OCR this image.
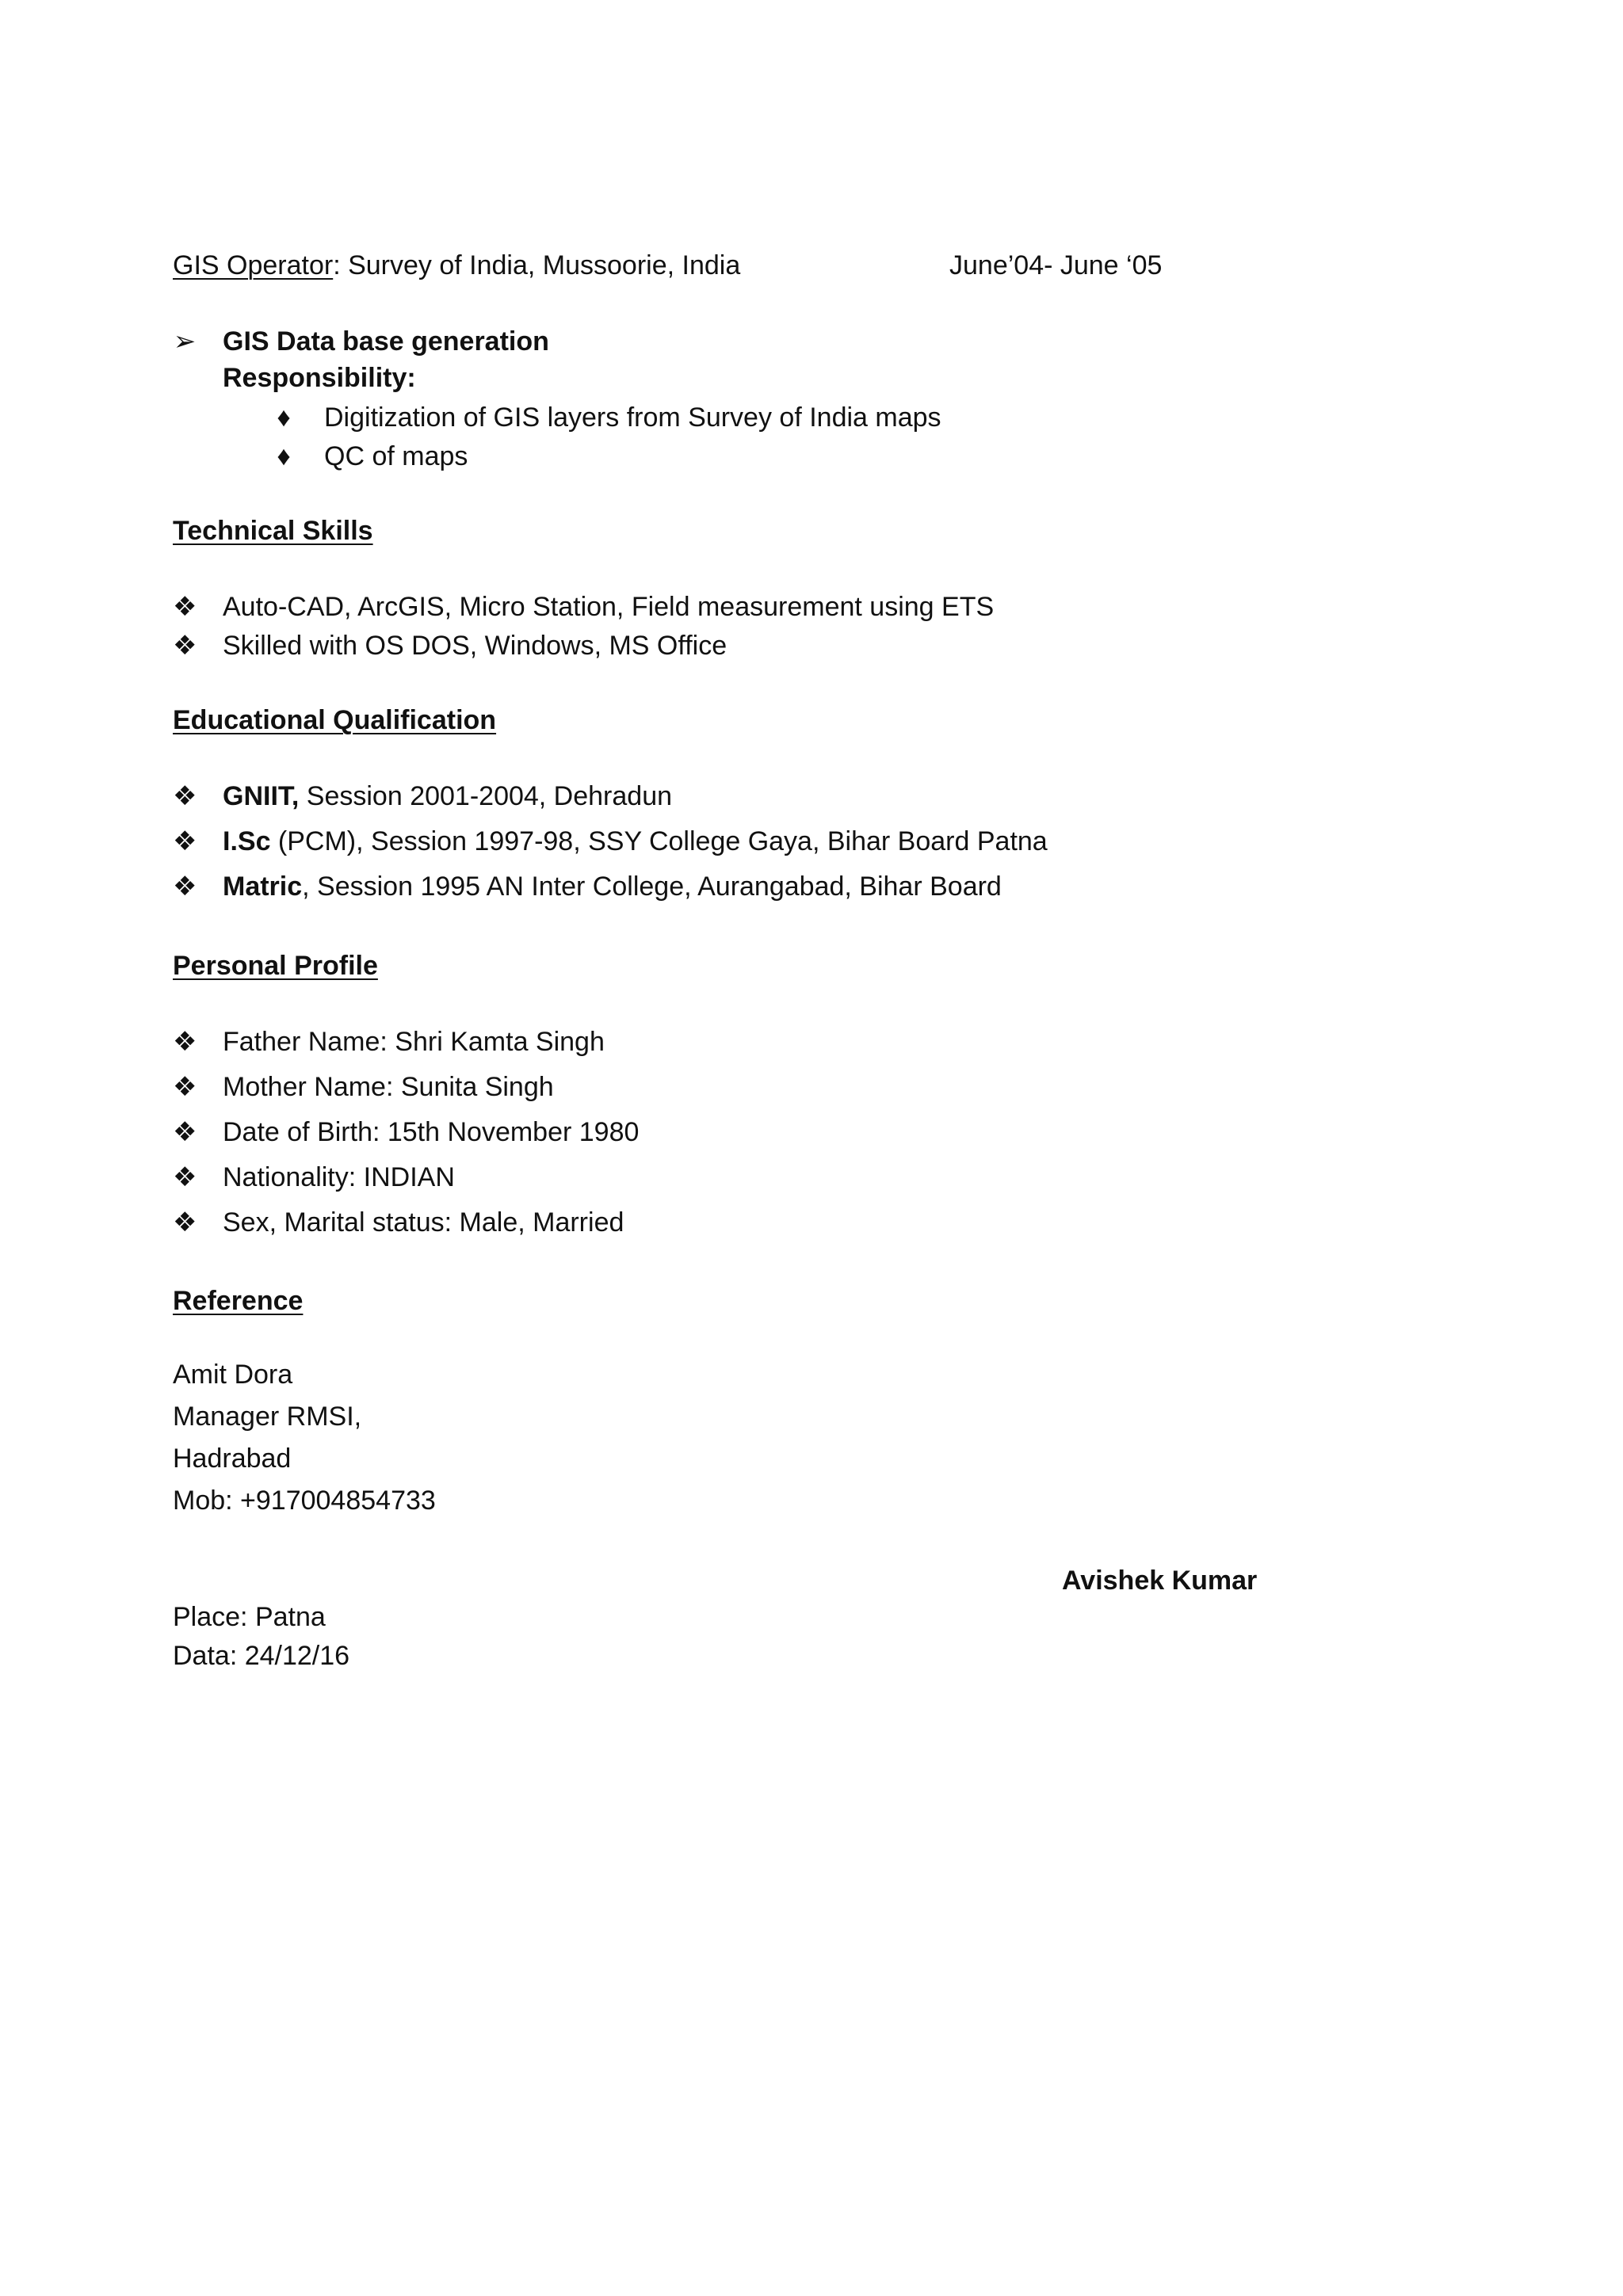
GIS Operator: Survey of India, Mussoorie, India	June’04- June ‘05
➢ GIS Data base generation
Responsibility:
♦ Digitization of GIS layers from Survey of India maps
♦ QC of maps
Technical Skills
❖ Auto-CAD, ArcGIS, Micro Station, Field measurement using ETS
❖ Skilled with OS DOS, Windows, MS Office
Educational Qualification
❖ GNIIT, Session 2001-2004, Dehradun
❖ I.Sc (PCM), Session 1997-98, SSY College Gaya, Bihar Board Patna
❖ Matric, Session 1995 AN Inter College, Aurangabad, Bihar Board
Personal Profile
❖ Father Name: Shri Kamta Singh
❖ Mother Name: Sunita Singh
❖ Date of Birth: 15th November 1980
❖ Nationality: INDIAN
❖ Sex, Marital status: Male, Married
Reference
Amit Dora
Manager RMSI,
Hadrabad
Mob: +917004854733
Avishek Kumar
Place: Patna
Data: 24/12/16
